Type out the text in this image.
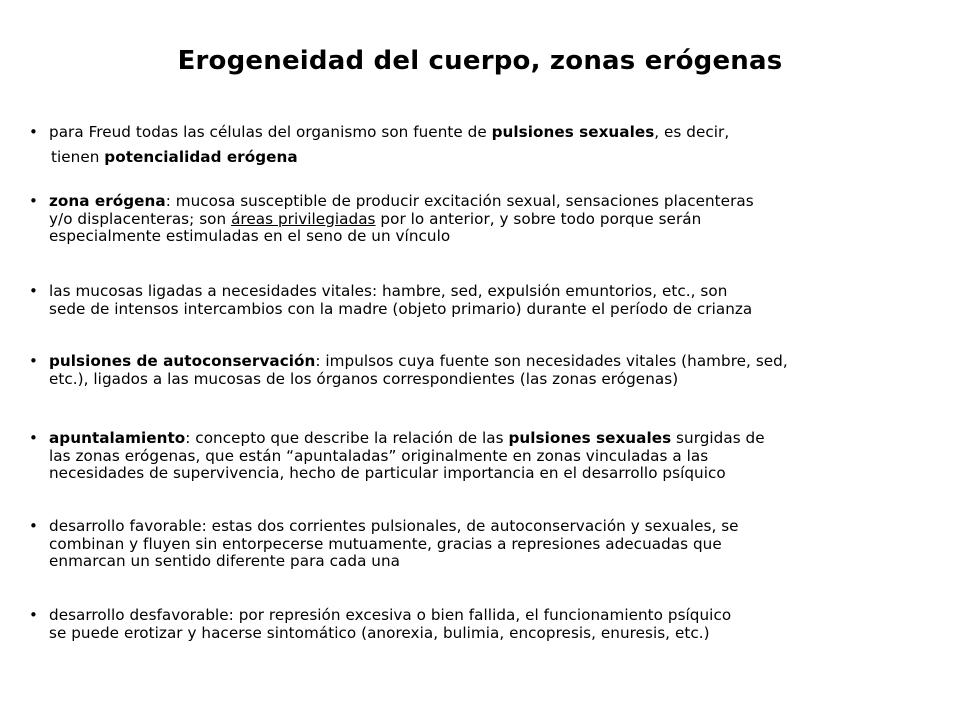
Erogeneidad del cuerpo, zonas erógenas
• para Freud todas las células del organismo son fuente de pulsiones sexuales, es decir,
tienen potencialidad erógena
• zona erógena: mucosa susceptible de producir excitación sexual, sensaciones placenteras
y/o displacenteras; son áreas privilegiadas por lo anterior, y sobre todo porque serán
especialmente estimuladas en el seno de un vínculo
• las mucosas ligadas a necesidades vitales: hambre, sed, expulsión emuntorios, etc., son
sede de intensos intercambios con la madre (objeto primario) durante el período de crianza
• pulsiones de autoconservación: impulsos cuya fuente son necesidades vitales (hambre, sed,
etc.), ligados a las mucosas de los órganos correspondientes (las zonas erógenas)
• apuntalamiento: concepto que describe la relación de las pulsiones sexuales surgidas de
las zonas erógenas, que están “apuntaladas” originalmente en zonas vinculadas a las
necesidades de supervivencia, hecho de particular importancia en el desarrollo psíquico
• desarrollo favorable: estas dos corrientes pulsionales, de autoconservación y sexuales, se
combinan y fluyen sin entorpecerse mutuamente, gracias a represiones adecuadas que
enmarcan un sentido diferente para cada una
• desarrollo desfavorable: por represión excesiva o bien fallida, el funcionamiento psíquico
se puede erotizar y hacerse sintomático (anorexia, bulimia, encopresis, enuresis, etc.)
